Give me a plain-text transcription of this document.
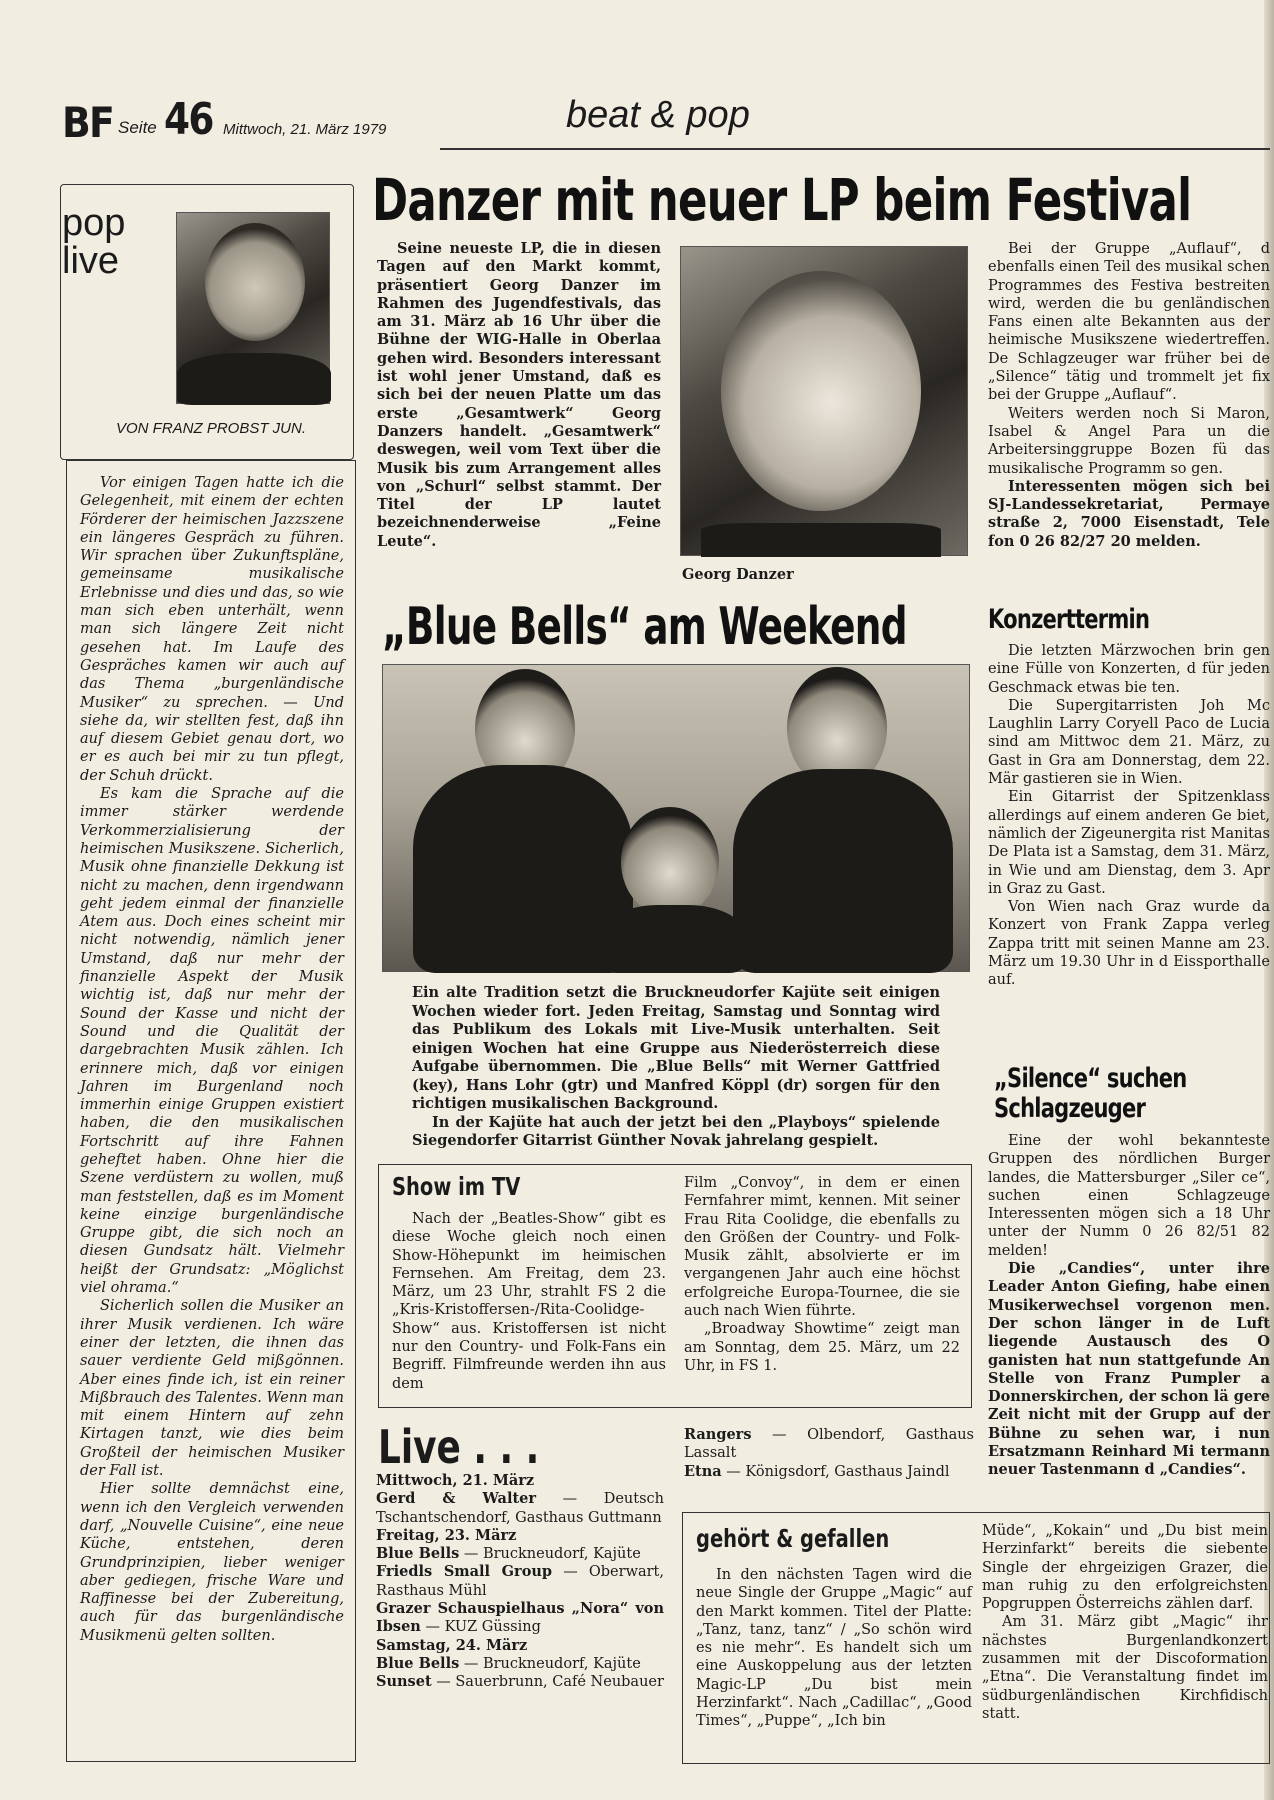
BF Seite 46 Mittwoch, 21. März 1979	beat & pop
pop
live
VON FRANZ PROBST JUN.

Vor einigen Tagen hatte ich die Gelegenheit, mit einem der echten Förderer der heimischen Jazzszene ein längeres Gespräch zu führen. Wir sprachen über Zukunftspläne, gemeinsame musikalische Erlebnisse und dies und das, so wie man sich eben unterhält, wenn man sich längere Zeit nicht gesehen hat. Im Laufe des Gespräches kamen wir auch auf das Thema „burgenländische Musiker“ zu sprechen. — Und siehe da, wir stellten fest, daß ihn auf diesem Gebiet genau dort, wo er es auch bei mir zu tun pflegt, der Schuh drückt.

Es kam die Sprache auf die immer stärker werdende Verkommerzialisierung der heimischen Musikszene. Sicherlich, Musik ohne finanzielle Dekkung ist nicht zu machen, denn irgendwann geht jedem einmal der finanzielle Atem aus. Doch eines scheint mir nicht notwendig, nämlich jener Umstand, daß nur mehr der finanzielle Aspekt der Musik wichtig ist, daß nur mehr der Sound der Kasse und nicht der Sound und die Qualität der dargebrachten Musik zählen. Ich erinnere mich, daß vor einigen Jahren im Burgenland noch immerhin einige Gruppen existiert haben, die den musikalischen Fortschritt auf ihre Fahnen geheftet haben. Ohne hier die Szene verdüstern zu wollen, muß man feststellen, daß es im Moment keine einzige burgenländische Gruppe gibt, die sich noch an diesen Gundsatz hält. Vielmehr heißt der Grundsatz: „Möglichst viel ohrama.“

Sicherlich sollen die Musiker an ihrer Musik verdienen. Ich wäre einer der letzten, die ihnen das sauer verdiente Geld mißgönnen. Aber eines finde ich, ist ein reiner Mißbrauch des Talentes. Wenn man mit einem Hintern auf zehn Kirtagen tanzt, wie dies beim Großteil der heimischen Musiker der Fall ist.

Hier sollte demnächst eine, wenn ich den Vergleich verwenden darf, „Nouvelle Cuisine“, eine neue Küche, entstehen, deren Grundprinzipien, lieber weniger aber gediegen, frische Ware und Raffinesse bei der Zubereitung, auch für das burgenländische Musikmenü gelten sollten.

Danzer mit neuer LP beim Festival

Seine neueste LP, die in diesen Tagen auf den Markt kommt, präsentiert Georg Danzer im Rahmen des Jugendfestivals, das am 31. März ab 16 Uhr über die Bühne der WIG-Halle in Oberlaa gehen wird. Besonders interessant ist wohl jener Umstand, daß es sich bei der neuen Platte um das erste „Gesamtwerk“ Georg Danzers handelt. „Gesamtwerk“ deswegen, weil vom Text über die Musik bis zum Arrangement alles von „Schurl“ selbst stammt. Der Titel der LP lautet bezeichnenderweise „Feine Leute“.

Georg Danzer

Bei der Gruppe „Auflauf“, d ebenfalls einen Teil des musikal schen Programmes des Festiva bestreiten wird, werden die bu genländischen Fans einen alte Bekannten aus der heimische Musikszene wiedertreffen. De Schlagzeuger war früher bei de „Silence“ tätig und trommelt jet fix bei der Gruppe „Auflauf“.

Weiters werden noch Si Maron, Isabel & Angel Para un die Arbeitersinggruppe Bozen fü das musikalische Programm so gen.

Interessenten mögen sich bei SJ-Landessekretariat, Permaye straße 2, 7000 Eisenstadt, Tele fon 0 26 82/27 20 melden.

Konzerttermin

Die letzten Märzwochen brin gen eine Fülle von Konzerten, d für jeden Geschmack etwas bie ten.

Die Supergitarristen Joh Mc Laughlin Larry Coryell Paco de Lucia sind am Mittwoc dem 21. März, zu Gast in Gra am Donnerstag, dem 22. Mär gastieren sie in Wien.

Ein Gitarrist der Spitzenklass allerdings auf einem anderen Ge biet, nämlich der Zigeunergita rist Manitas De Plata ist a Samstag, dem 31. März, in Wie und am Dienstag, dem 3. Apr in Graz zu Gast.

Von Wien nach Graz wurde da Konzert von Frank Zappa verleg Zappa tritt mit seinen Manne am 23. März um 19.30 Uhr in d Eissporthalle auf.

„Silence“ suchen
Schlagzeuger

Eine der wohl bekannteste Gruppen des nördlichen Burger landes, die Mattersburger „Siler ce“, suchen einen Schlagzeuge Interessenten mögen sich a 18 Uhr unter der Numm 0 26 82/51 82 melden!

Die „Candies“, unter ihre Leader Anton Giefing, habe einen Musikerwechsel vorgenon men. Der schon länger in de Luft liegende Austausch des O ganisten hat nun stattgefunde An Stelle von Franz Pumpler a Donnerskirchen, der schon lä gere Zeit nicht mit der Grupp auf der Bühne zu sehen war, i nun Ersatzmann Reinhard Mi termann neuer Tastenmann d „Candies“.

„Blue Bells“ am Weekend

Ein alte Tradition setzt die Bruckneudorfer Kajüte seit einigen Wochen wieder fort. Jeden Freitag, Samstag und Sonntag wird das Publikum des Lokals mit Live-Musik unterhalten. Seit einigen Wochen hat eine Gruppe aus Niederösterreich diese Aufgabe übernommen. Die „Blue Bells“ mit Werner Gattfried (key), Hans Lohr (gtr) und Manfred Köppl (dr) sorgen für den richtigen musikalischen Background.

In der Kajüte hat auch der jetzt bei den „Playboys“ spielende Siegendorfer Gitarrist Günther Novak jahrelang gespielt.

Show im TV

Nach der „Beatles-Show“ gibt es diese Woche gleich noch einen Show-Höhepunkt im heimischen Fernsehen. Am Freitag, dem 23. März, um 23 Uhr, strahlt FS 2 die „Kris-Kristoffersen-/Rita-Coolidge-Show“ aus. Kristoffersen ist nicht nur den Country- und Folk-Fans ein Begriff. Filmfreunde werden ihn aus dem

Film „Convoy“, in dem er einen Fernfahrer mimt, kennen. Mit seiner Frau Rita Coolidge, die ebenfalls zu den Größen der Country- und Folk-Musik zählt, absolvierte er im vergangenen Jahr auch eine höchst erfolgreiche Europa-Tournee, die sie auch nach Wien führte.

„Broadway Showtime“ zeigt man am Sonntag, dem 25. März, um 22 Uhr, in FS 1.

Live . . .
Mittwoch, 21. März
Gerd & Walter — Deutsch Tschantschendorf, Gasthaus Guttmann
Freitag, 23. März
Blue Bells — Bruckneudorf, Kajüte
Friedls Small Group — Oberwart, Rasthaus Mühl
Grazer Schauspielhaus „Nora“ von Ibsen — KUZ Güssing
Samstag, 24. März
Blue Bells — Bruckneudorf, Kajüte
Sunset — Sauerbrunn, Café Neubauer
Rangers — Olbendorf, Gasthaus Lassalt
Etna — Königsdorf, Gasthaus Jaindl
gehört & gefallen

In den nächsten Tagen wird die neue Single der Gruppe „Magic“ auf den Markt kommen. Titel der Platte: „Tanz, tanz, tanz“ / „So schön wird es nie mehr“. Es handelt sich um eine Auskoppelung aus der letzten Magic-LP „Du bist mein Herzinfarkt“. Nach „Cadillac“, „Good Times“, „Puppe“, „Ich bin

Müde“, „Kokain“ und „Du bist mein Herzinfarkt“ bereits die siebente Single der ehrgeizigen Grazer, die man ruhig zu den erfolgreichsten Popgruppen Österreichs zählen darf.

Am 31. März gibt „Magic“ ihr nächstes Burgenlandkonzert zusammen mit der Discoformation „Etna“. Die Veranstaltung findet im südburgenländischen Kirchfidisch statt.
